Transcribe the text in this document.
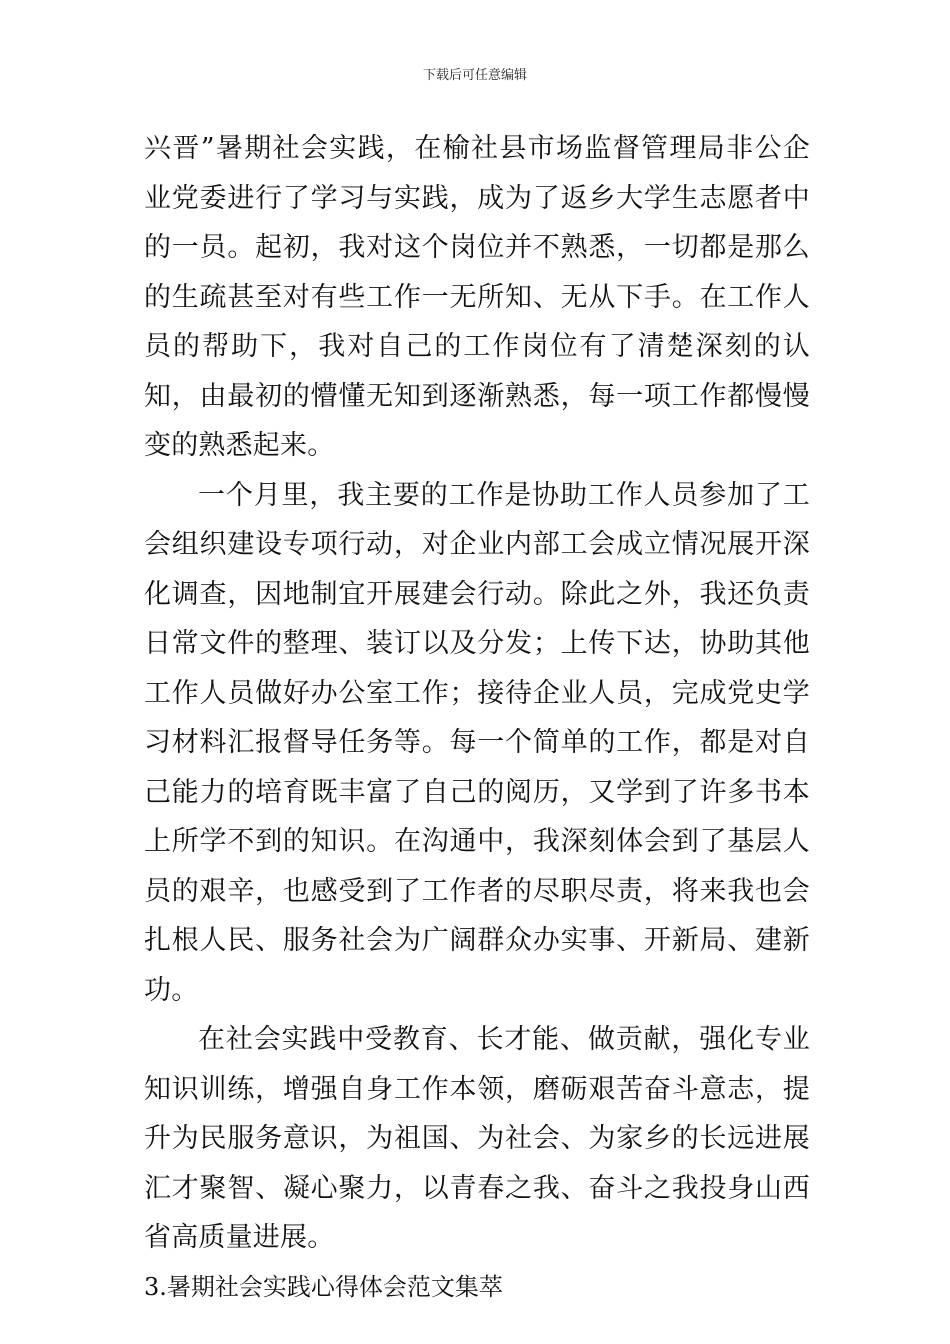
下载后可任意编辑

兴晋”暑期社会实践，在榆社县市场监督管理局非公企业党委进行了学习与实践，成为了返乡大学生志愿者中的一员。起初，我对这个岗位并不熟悉，一切都是那么的生疏甚至对有些工作一无所知、无从下手。在工作人员的帮助下，我对自己的工作岗位有了清楚深刻的认知，由最初的懵懂无知到逐渐熟悉，每一项工作都慢慢变的熟悉起来。

一个月里，我主要的工作是协助工作人员参加了工会组织建设专项行动，对企业内部工会成立情况展开深化调查，因地制宜开展建会行动。除此之外，我还负责日常文件的整理、装订以及分发；上传下达，协助其他工作人员做好办公室工作；接待企业人员，完成党史学习材料汇报督导任务等。每一个简单的工作，都是对自己能力的培育既丰富了自己的阅历，又学到了许多书本上所学不到的知识。在沟通中，我深刻体会到了基层人员的艰辛，也感受到了工作者的尽职尽责，将来我也会扎根人民、服务社会为广阔群众办实事、开新局、建新功。

在社会实践中受教育、长才能、做贡献，强化专业知识训练，增强自身工作本领，磨砺艰苦奋斗意志，提升为民服务意识，为祖国、为社会、为家乡的长远进展汇才聚智、凝心聚力，以青春之我、奋斗之我投身山西省高质量进展。

3.暑期社会实践心得体会范文集萃
